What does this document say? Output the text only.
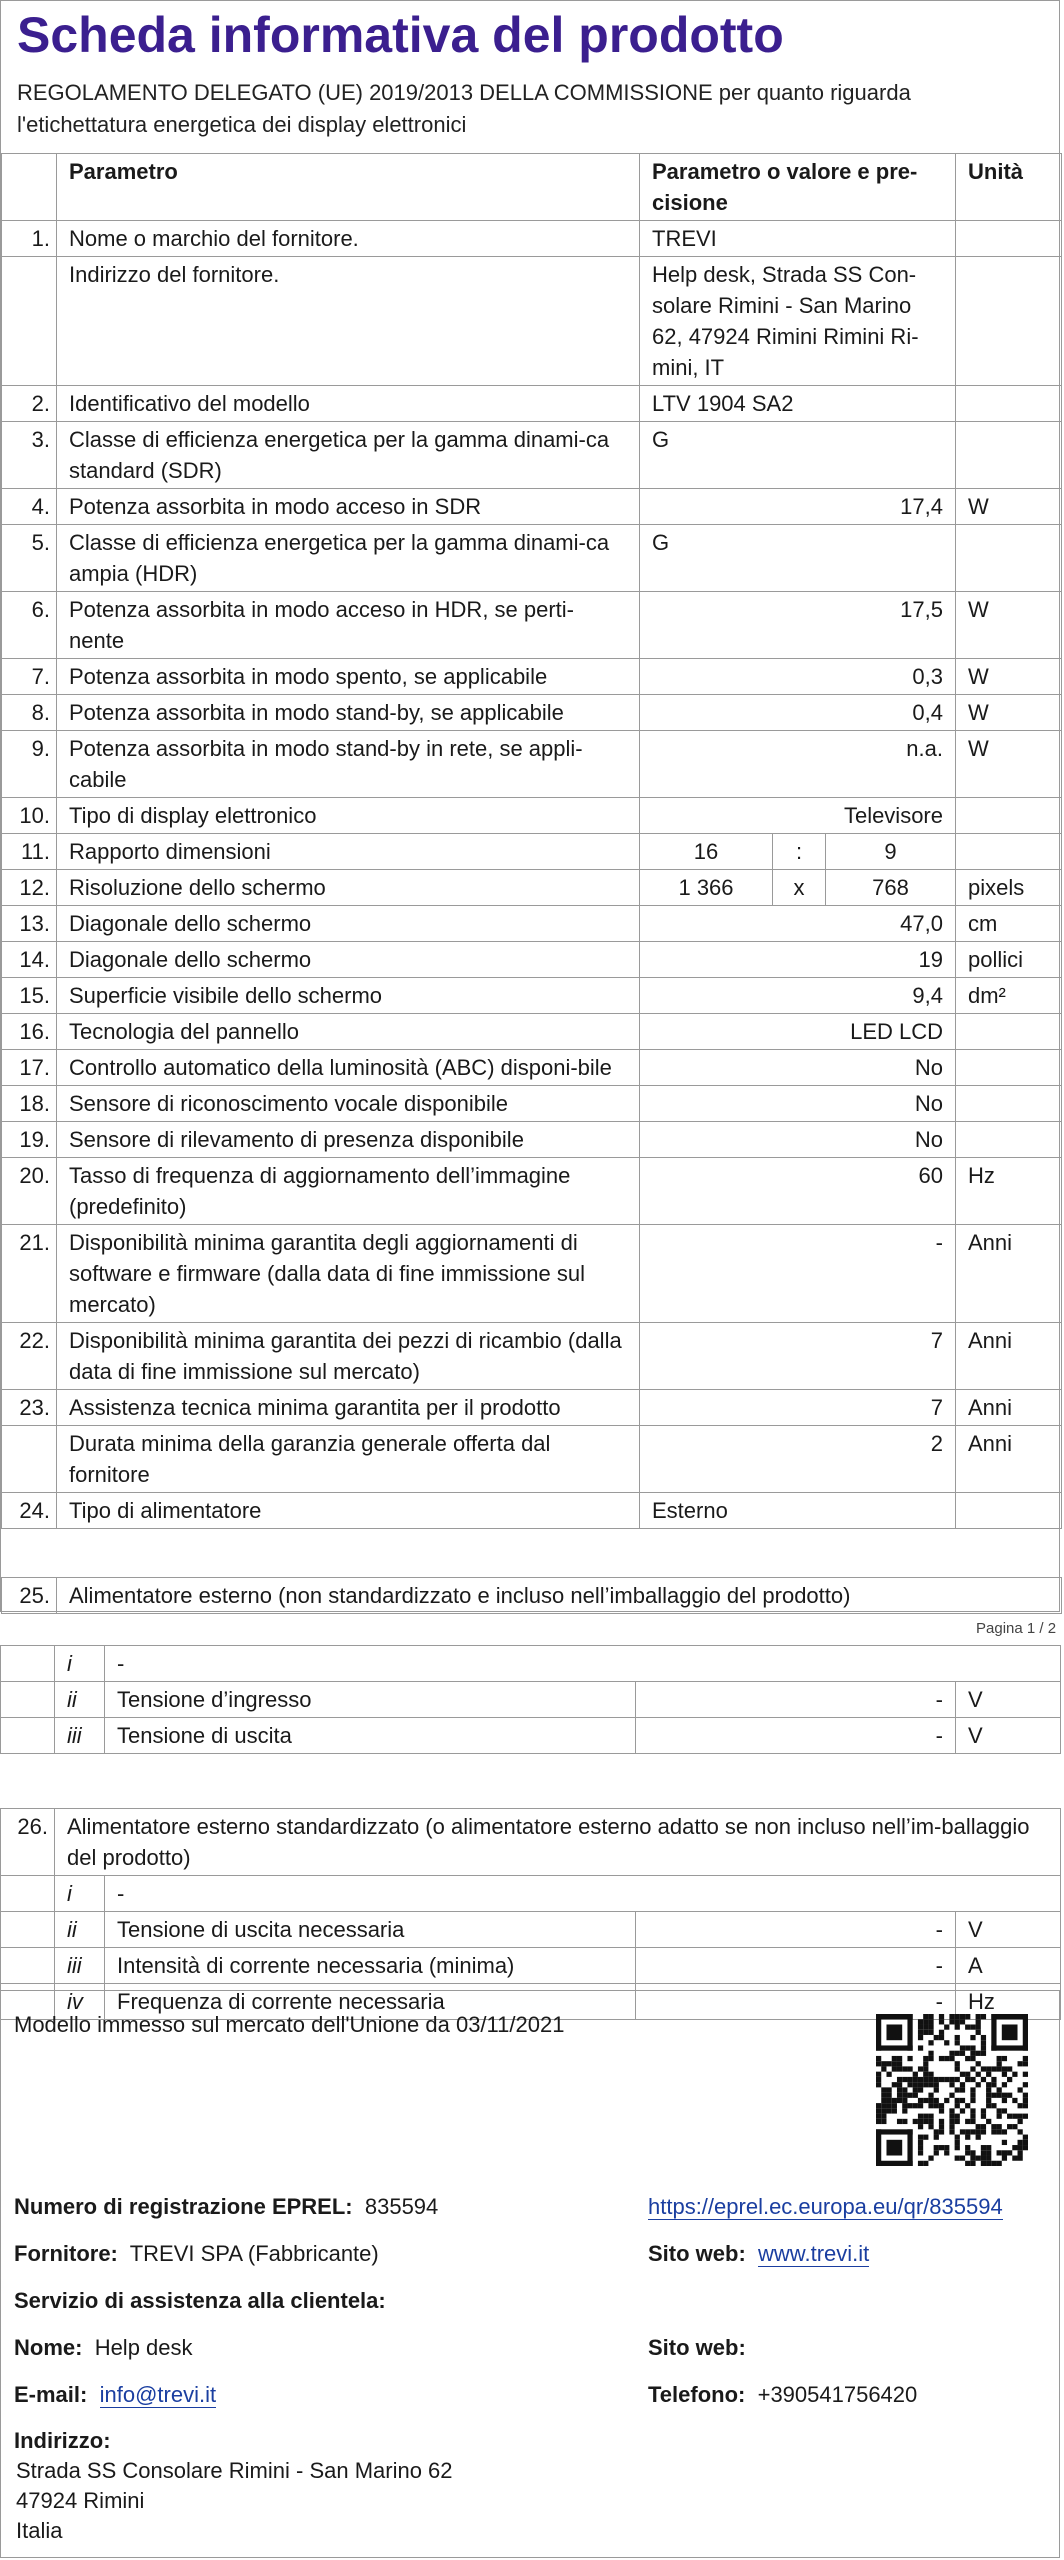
Scheda informativa del prodotto
REGOLAMENTO DELEGATO (UE) 2019/2013 DELLA COMMISSIONE per quanto riguarda l'etichettatura energetica dei display elettronici
	Parametro	Parametro o valore e pre-cisione			Unità
1.	Nome o marchio del fornitore.	TREVI			
	Indirizzo del fornitore.	Help desk, Strada SS Con-solare Rimini - San Marino 62, 47924 Rimini Rimini Ri-mini, IT			
2.	Identificativo del modello	LTV 1904 SA2			
3.	Classe di efficienza energetica per la gamma dinami-ca standard (SDR)	G			
4.	Potenza assorbita in modo acceso in SDR	17,4			W
5.	Classe di efficienza energetica per la gamma dinami-ca ampia (HDR)	G			
6.	Potenza assorbita in modo acceso in HDR, se perti-nente	17,5			W
7.	Potenza assorbita in modo spento, se applicabile	0,3			W
8.	Potenza assorbita in modo stand-by, se applicabile	0,4			W
9.	Potenza assorbita in modo stand-by in rete, se appli-cabile	n.a.			W
10.	Tipo di display elettronico	Televisore			
11.	Rapporto dimensioni	16	:	9	
12.	Risoluzione dello schermo	1 366	x	768	pixels
13.	Diagonale dello schermo	47,0			cm
14.	Diagonale dello schermo	19			pollici
15.	Superficie visibile dello schermo	9,4			dm²
16.	Tecnologia del pannello	LED LCD			
17.	Controllo automatico della luminosità (ABC) disponi-bile	No			
18.	Sensore di riconoscimento vocale disponibile	No			
19.	Sensore di rilevamento di presenza disponibile	No			
20.	Tasso di frequenza di aggiornamento dell’immagine (predefinito)	60			Hz
21.	Disponibilità minima garantita degli aggiornamenti di software e firmware (dalla data di fine immissione sul mercato)	-			Anni
22.	Disponibilità minima garantita dei pezzi di ricambio (dalla data di fine immissione sul mercato)	7			Anni
23.	Assistenza tecnica minima garantita per il prodotto	7			Anni
	Durata minima della garanzia generale offerta dal fornitore	2			Anni
24.	Tipo di alimentatore	Esterno			
25.	Alimentatore esterno (non standardizzato e incluso nell’imballaggio del prodotto)
Pagina 1 / 2
	i	-		
	ii	Tensione d’ingresso	-	V
	iii	Tensione di uscita	-	V
26.	Alimentatore esterno standardizzato (o alimentatore esterno adatto se non incluso nell’im-ballaggio del prodotto)			
	i	-		
	ii	Tensione di uscita necessaria	-	V
	iii	Intensità di corrente necessaria (minima)	-	A
	iv	Frequenza di corrente necessaria	-	Hz
Modello immesso sul mercato dell'Unione da 03/11/2021
Numero di registrazione EPREL: 835594	https://eprel.ec.europa.eu/qr/835594
Fornitore: TREVI SPA (Fabbricante)	Sito web: www.trevi.it
Servizio di assistenza alla clientela:
Nome: Help desk	Sito web:
E-mail: info@trevi.it	Telefono: +390541756420
Indirizzo:
Strada SS Consolare Rimini - San Marino 62
47924 Rimini
Italia
